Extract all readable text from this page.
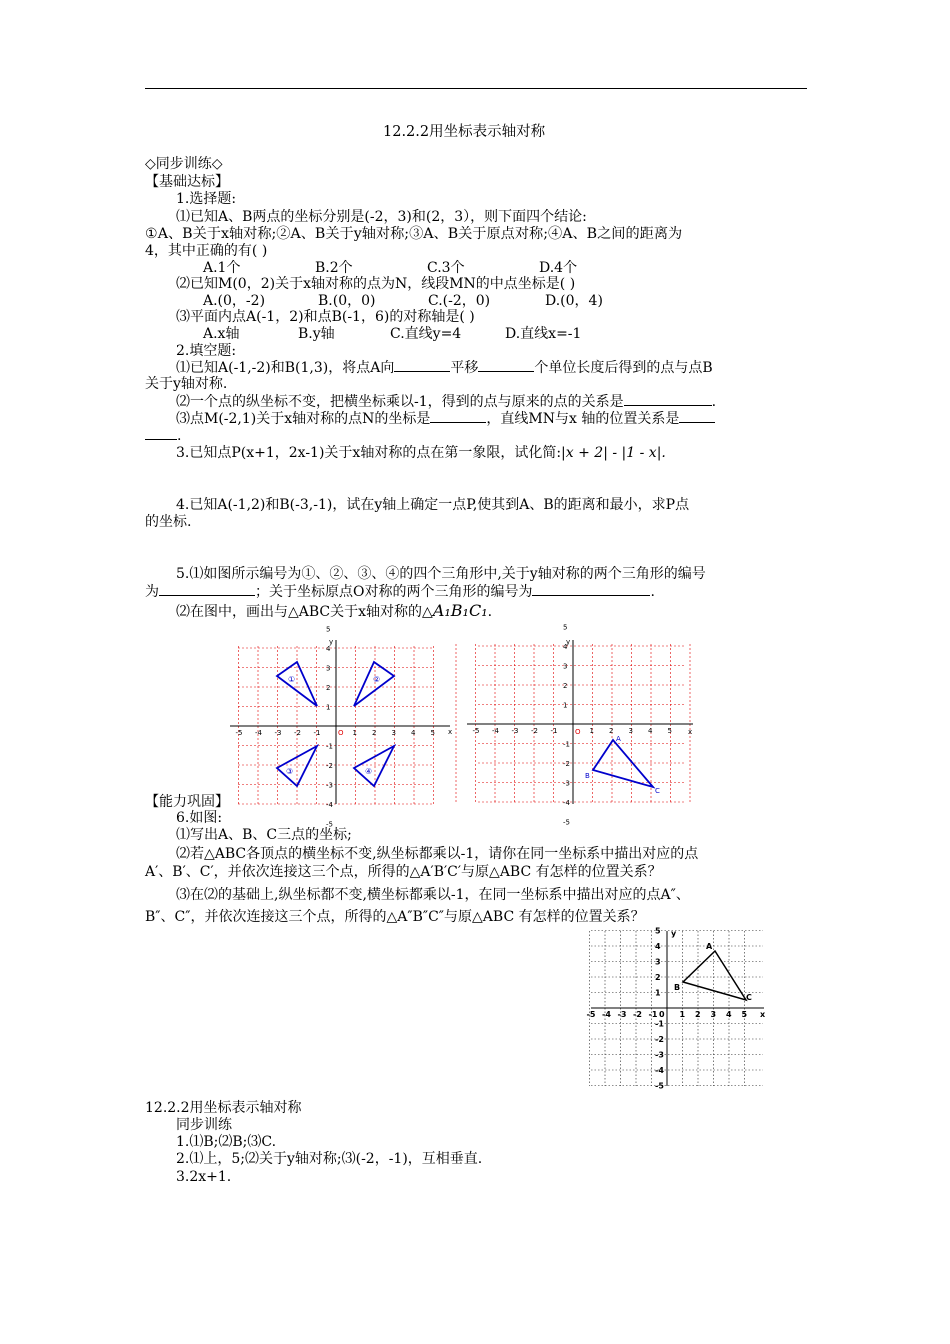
12.2.2用坐标表示轴对称
◇同步训练◇
【基础达标】
1.选择题:
⑴已知A、B两点的坐标分别是(-2，3)和(2，3），则下面四个结论:
①A、B关于x轴对称;②A、B关于y轴对称;③A、B关于原点对称;④A、B之间的距离为
4，其中正确的有( )
A.1个	B.2个	C.3个	D.4个
⑵已知M(0，2)关于x轴对称的点为N，线段MN的中点坐标是( )
A.(0，-2)	B.(0，0)	C.(-2，0)	D.(0，4)
⑶平面内点A(-1，2)和点B(-1，6)的对称轴是( )
A.x轴	B.y轴	C.直线y=4	D.直线x=-1
2.填空题:
⑴已知A(-1,-2)和B(1,3)，将点A向	平移	个单位长度后得到的点与点B
关于y轴对称.
⑵一个点的纵坐标不变，把横坐标乘以-1，得到的点与原来的点的关系是	.
⑶点M(-2,1)关于x轴对称的点N的坐标是	，直线MN与x 轴的位置关系是
.
3.已知点P(x+1，2x-1)关于x轴对称的点在第一象限，试化简:|x + 2| - |1 - x|.
4.已知A(-1,2)和B(-3,-1)，试在y轴上确定一点P,使其到A、B的距离和最小，求P点
的坐标.
5.⑴如图所示编号为①、②、③、④的四个三角形中,关于y轴对称的两个三角形的编号
为	；关于坐标原点O对称的两个三角形的编号为	.
⑵在图中，画出与△ABC关于x轴对称的△A₁B₁C₁.
-5
-5
-4
-4
-3
-3
-2
-2
-1
-1
1
1
2
2
3
3
4
4
5
5
x
y
O
①	②
③	④
-5
-5
-4
-4
-3
-3
-2
-2
-1
-1
1
1
2
2
3
3
4
4
5
5
x
y
O
A
B
C
【能力巩固】
6.如图:
⑴写出A、B、C三点的坐标;
⑵若△ABC各顶点的横坐标不变,纵坐标都乘以-1，请你在同一坐标系中描出对应的点
A′、B′、C′，并依次连接这三个点，所得的△A′B′C′与原△ABC 有怎样的位置关系？
⑶在⑵的基础上,纵坐标都不变,横坐标都乘以-1，在同一坐标系中描出对应的点A″、
B″、C″，并依次连接这三个点，所得的△A″B″C″与原△ABC 有怎样的位置关系？
-5
-5
-4
-4
-3
-3
-2
-2
-1
-1
1
1
2
2
3
3
4
4
5
5
x
y
0
A
B
C
12.2.2用坐标表示轴对称
同步训练
1.⑴B;⑵B;⑶C.
2.⑴上，5;⑵关于y轴对称;⑶(-2，-1)，互相垂直.
3.2x+1.
